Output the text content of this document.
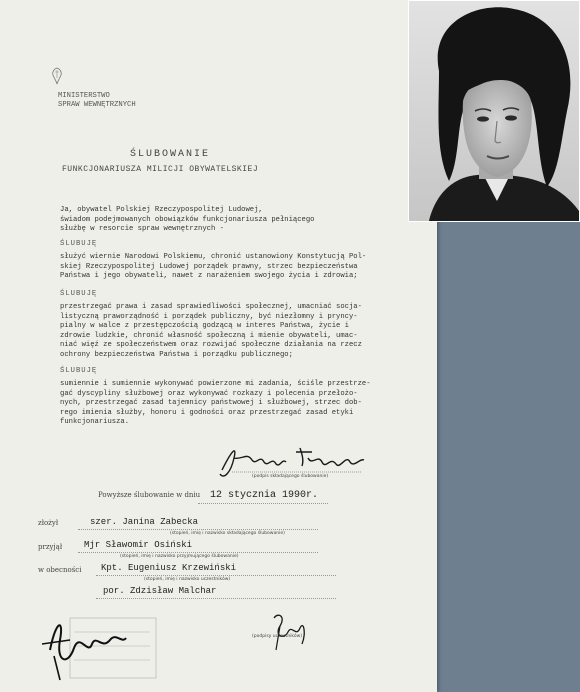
MINISTERSTWO
SPRAW WEWNĘTRZNYCH
ŚLUBOWANIE
FUNKCJONARIUSZA MILICJI OBYWATELSKIEJ
Ja, obywatel Polskiej Rzeczypospolitej Ludowej,
świadom podejmowanych obowiązków funkcjonariusza pełniącego
służbę w resorcie spraw wewnętrznych -
ŚLUBUJĘ
służyć wiernie Narodowi Polskiemu, chronić ustanowiony Konstytucją Pol-
skiej Rzeczypospolitej Ludowej porządek prawny, strzec bezpieczeństwa
Państwa i jego obywateli, nawet z narażeniem swojego życia i zdrowia;
ŚLUBUJĘ
przestrzegać prawa i zasad sprawiedliwości społecznej, umacniać socja-
listyczną praworządność i porządek publiczny, być niezłomny i pryncy-
pialny w walce z przestępczością godzącą w interes Państwa, życie i
zdrowie ludzkie, chronić własność społeczną i mienie obywateli, umac-
niać więź ze społeczeństwem oraz rozwijać społeczne działania na rzecz
ochrony bezpieczeństwa Państwa i porządku publicznego;
ŚLUBUJĘ
sumiennie i sumiennie wykonywać powierzone mi zadania, ściśle przestrze-
gać dyscypliny służbowej oraz wykonywać rozkazy i polecenia przełożo-
nych, przestrzegać zasad tajemnicy państwowej i służbowej, strzec dob-
rego imienia służby, honoru i godności oraz przestrzegać zasad etyki
funkcjonariusza.
(podpis składającego ślubowanie)
Powyższe ślubowanie w dniu 12 stycznia 1990r.
złożył	szer. Janina Zabecka
(stopień, imię i nazwisko składającego ślubowanie)
przyjął Mjr Sławomir Osiński
(stopień, imię i nazwisko przyjmującego ślubowanie)
w obecności Kpt. Eugeniusz Krzewiński
(stopień, imię i nazwisko uczestników)
por. Zdzisław Malchar
(podpisy uczestników)
